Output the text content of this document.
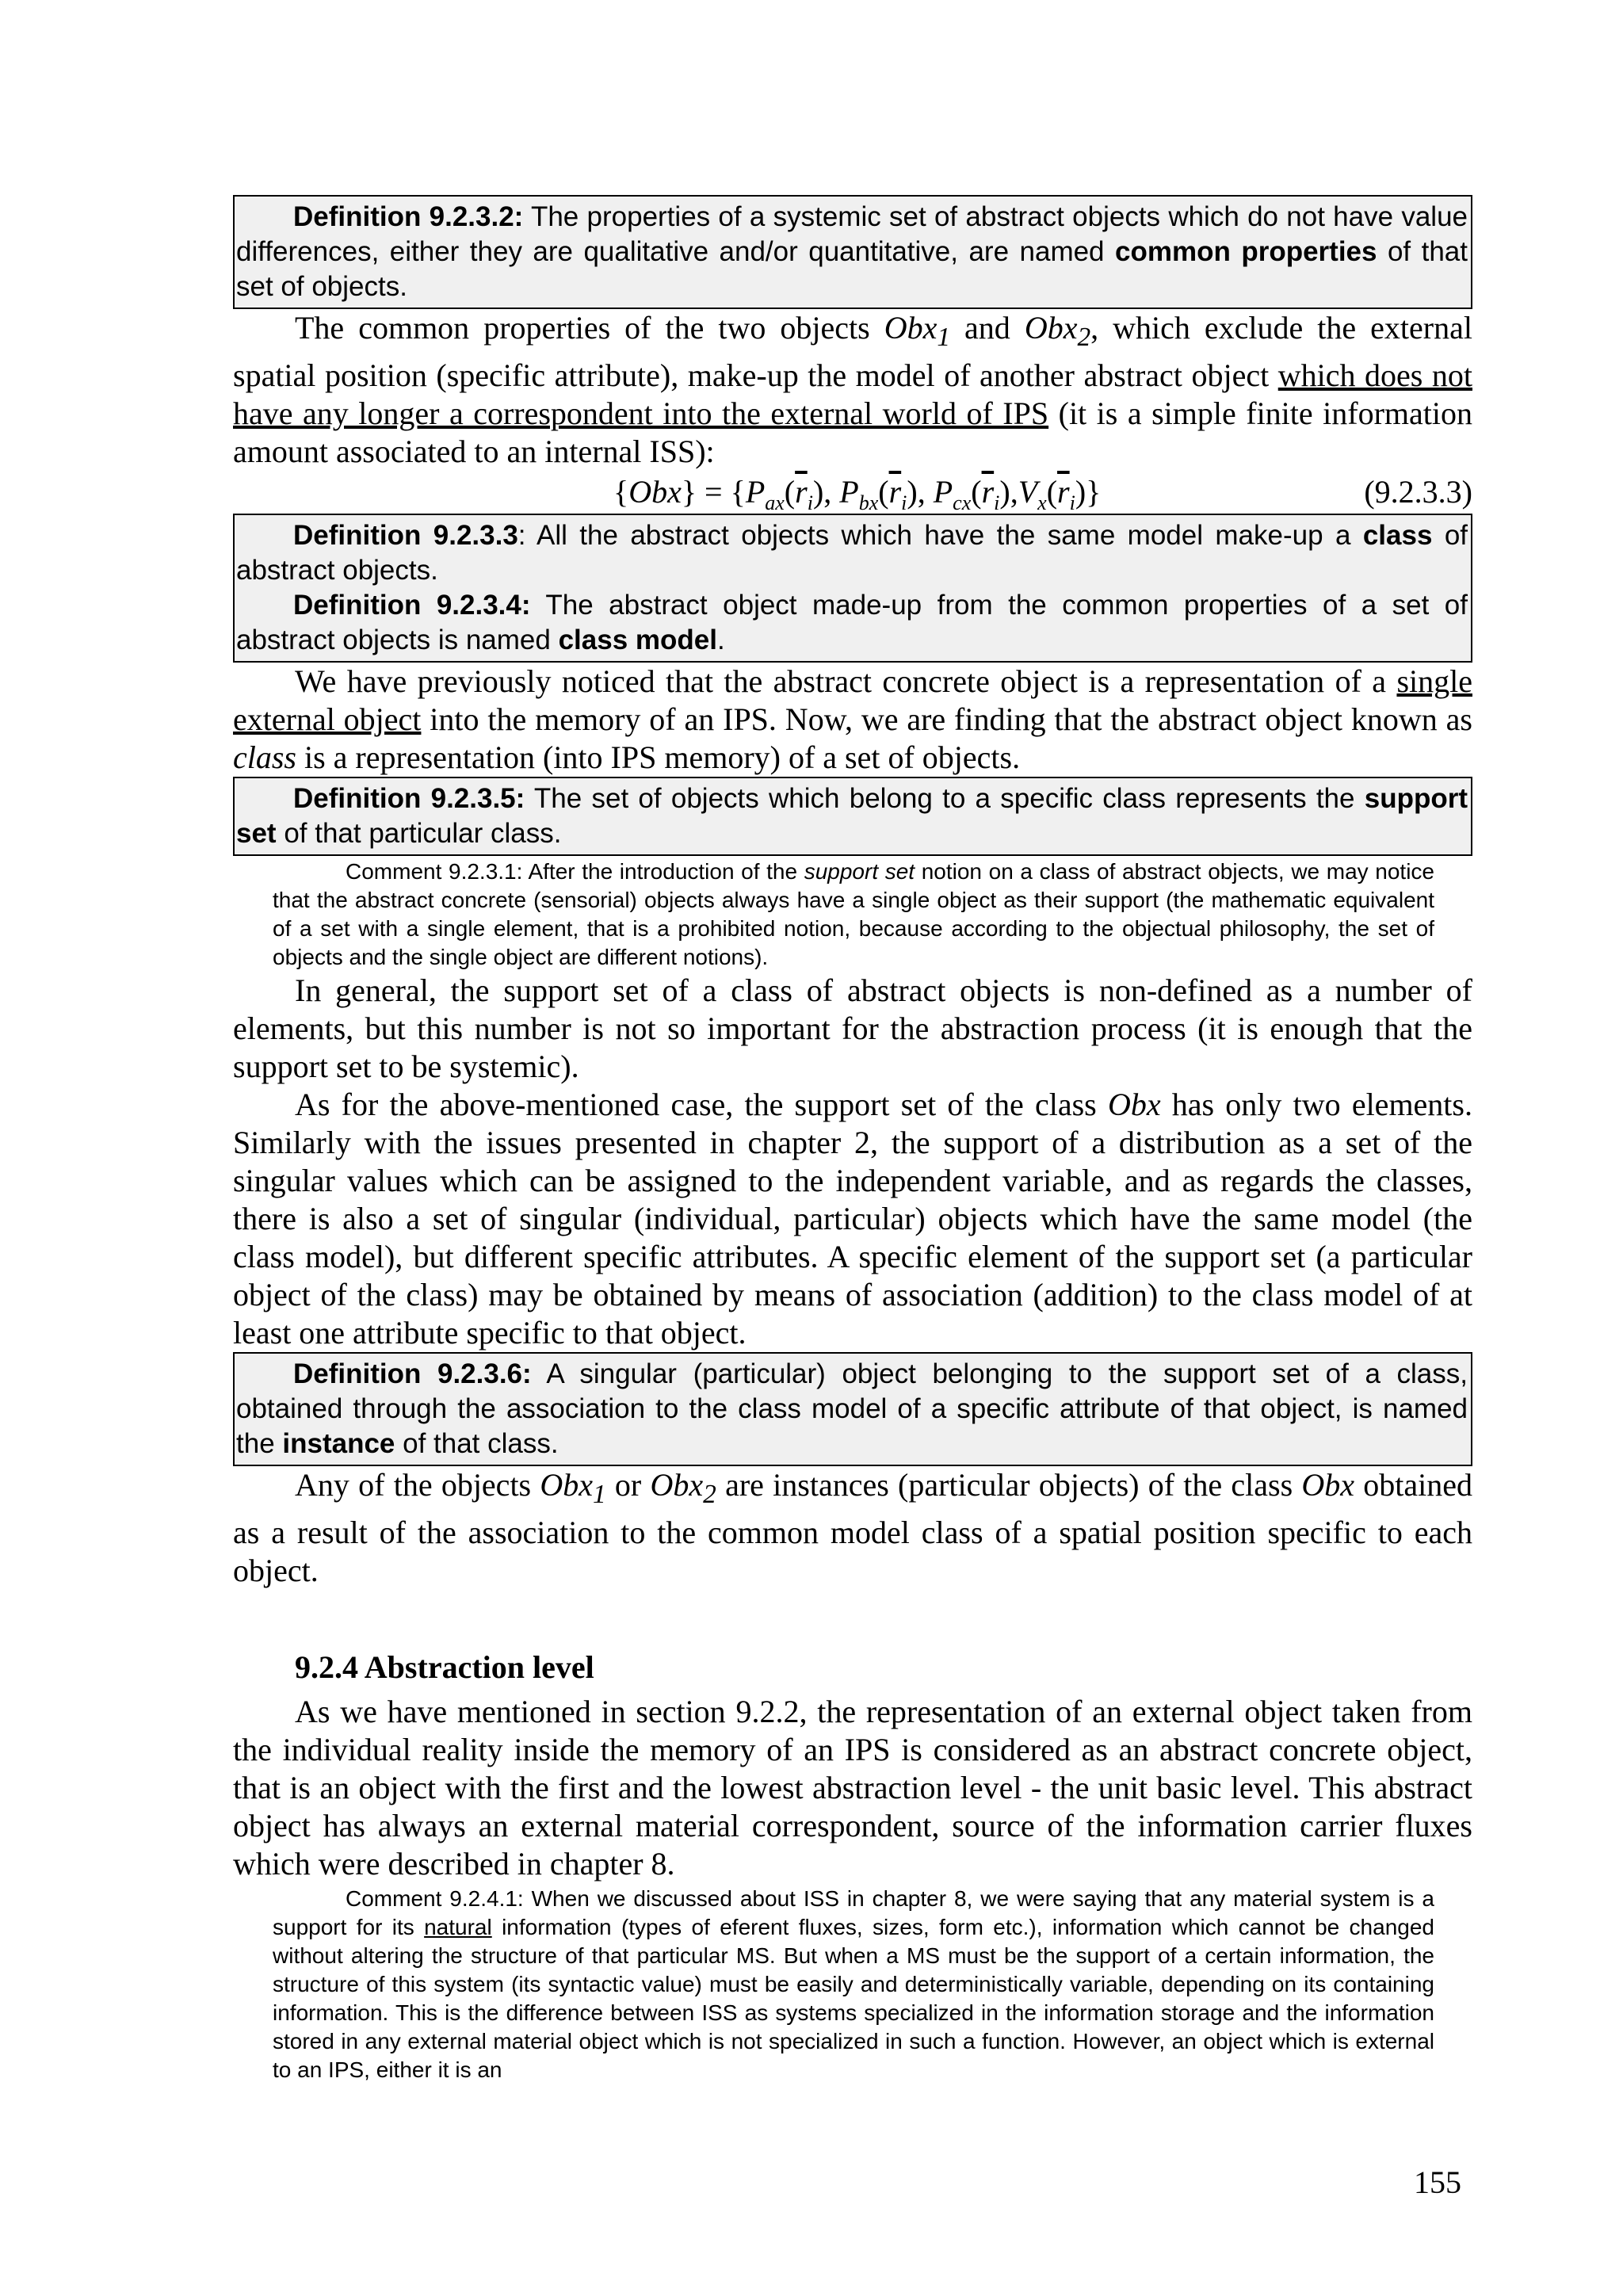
Definition 9.2.3.2: The properties of a systemic set of abstract objects which do not have value differences, either they are qualitative and/or quantitative, are named common properties of that set of objects.

The common properties of the two objects Obx$_1$ and Obx$_2$, which exclude the external spatial position (specific attribute), make-up the model of another abstract object which does not have any longer a correspondent into the external world of IPS (it is a simple finite information amount associated to an internal ISS):

$\{Obx\} = \{P_{ax}(\overline{r}_i)$, $P_{bx}(\overline{r}_i)$, $P_{cx}(\overline{r}_i),V_x(\overline{r}_i)$}	(9.2.3.3)

Definition 9.2.3.3: All the abstract objects which have the same model make-up a class of abstract objects.

Definition 9.2.3.4: The abstract object made-up from the common properties of a set of abstract objects is named class model.

We have previously noticed that the abstract concrete object is a representation of a single external object into the memory of an IPS. Now, we are finding that the abstract object known as class is a representation (into IPS memory) of a set of objects.

Definition 9.2.3.5: The set of objects which belong to a specific class represents the support set of that particular class.

Comment 9.2.3.1: After the introduction of the support set notion on a class of abstract objects, we may notice that the abstract concrete (sensorial) objects always have a single object as their support (the mathematic equivalent of a set with a single element, that is a prohibited notion, because according to the objectual philosophy, the set of objects and the single object are different notions).

In general, the support set of a class of abstract objects is non-defined as a number of elements, but this number is not so important for the abstraction process (it is enough that the support set to be systemic).

As for the above-mentioned case, the support set of the class Obx has only two elements. Similarly with the issues presented in chapter 2, the support of a distribution as a set of the singular values which can be assigned to the independent variable, and as regards the classes, there is also a set of singular (individual, particular) objects which have the same model (the class model), but different specific attributes. A specific element of the support set (a particular object of the class) may be obtained by means of association (addition) to the class model of at least one attribute specific to that object.

Definition 9.2.3.6: A singular (particular) object belonging to the support set of a class, obtained through the association to the class model of a specific attribute of that object, is named the instance of that class.

Any of the objects Obx$_1$ or Obx$_2$ are instances (particular objects) of the class Obx obtained as a result of the association to the common model class of a spatial position specific to each object.

9.2.4 Abstraction level

As we have mentioned in section 9.2.2, the representation of an external object taken from the individual reality inside the memory of an IPS is considered as an abstract concrete object, that is an object with the first and the lowest abstraction level - the unit basic level. This abstract object has always an external material correspondent, source of the information carrier fluxes which were described in chapter 8.

Comment 9.2.4.1: When we discussed about ISS in chapter 8, we were saying that any material system is a support for its natural information (types of eferent fluxes, sizes, form etc.), information which cannot be changed without altering the structure of that particular MS. But when a MS must be the support of a certain information, the structure of this system (its syntactic value) must be easily and deterministically variable, depending on its containing information. This is the difference between ISS as systems specialized in the information storage and the information stored in any external material object which is not specialized in such a function. However, an object which is external to an IPS, either it is an

155
